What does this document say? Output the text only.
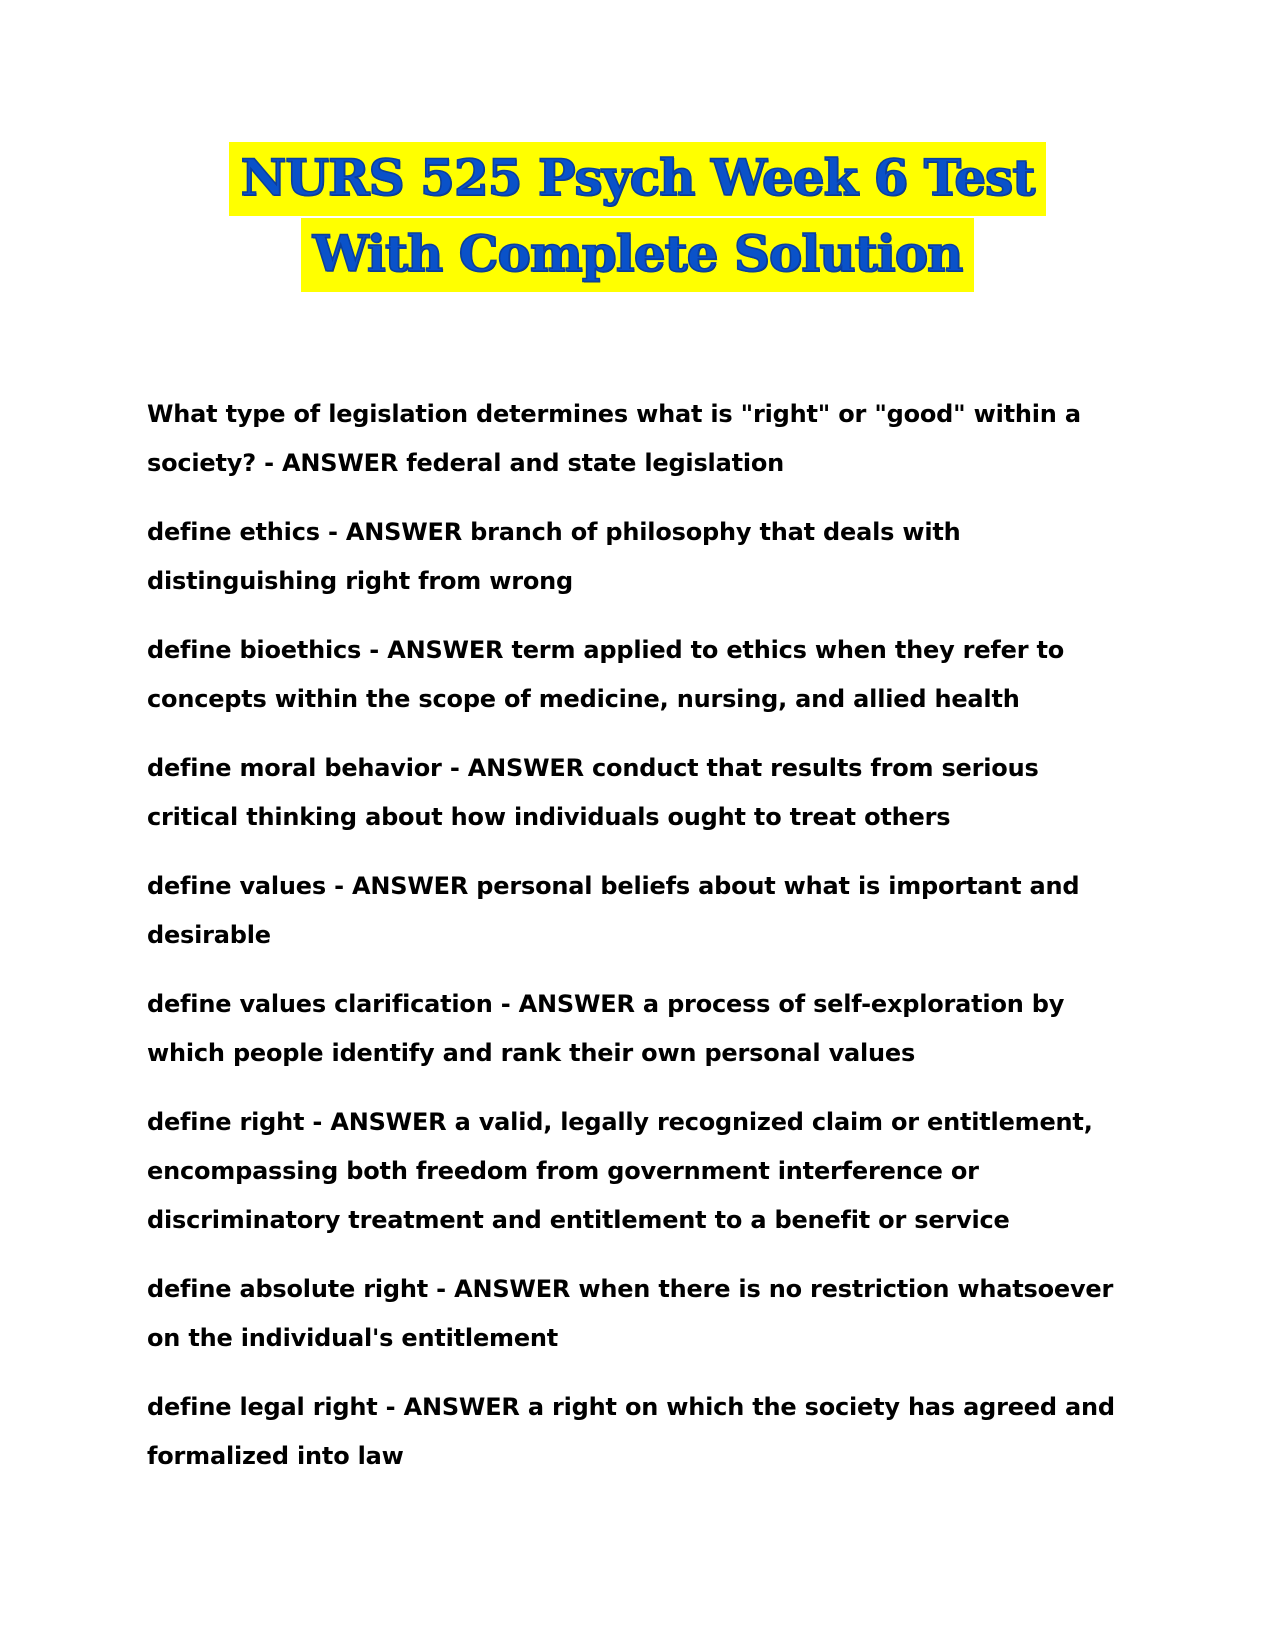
NURS 525 Psych Week 6 Test
With Complete Solution

What type of legislation determines what is "right" or "good" within a society? - ANSWER federal and state legislation

define ethics - ANSWER branch of philosophy that deals with distinguishing right from wrong

define bioethics - ANSWER term applied to ethics when they refer to concepts within the scope of medicine, nursing, and allied health

define moral behavior - ANSWER conduct that results from serious critical thinking about how individuals ought to treat others

define values - ANSWER personal beliefs about what is important and desirable

define values clarification - ANSWER a process of self-exploration by which people identify and rank their own personal values

define right - ANSWER a valid, legally recognized claim or entitlement, encompassing both freedom from government interference or discriminatory treatment and entitlement to a benefit or service

define absolute right - ANSWER when there is no restriction whatsoever on the individual's entitlement

define legal right - ANSWER a right on which the society has agreed and formalized into law
